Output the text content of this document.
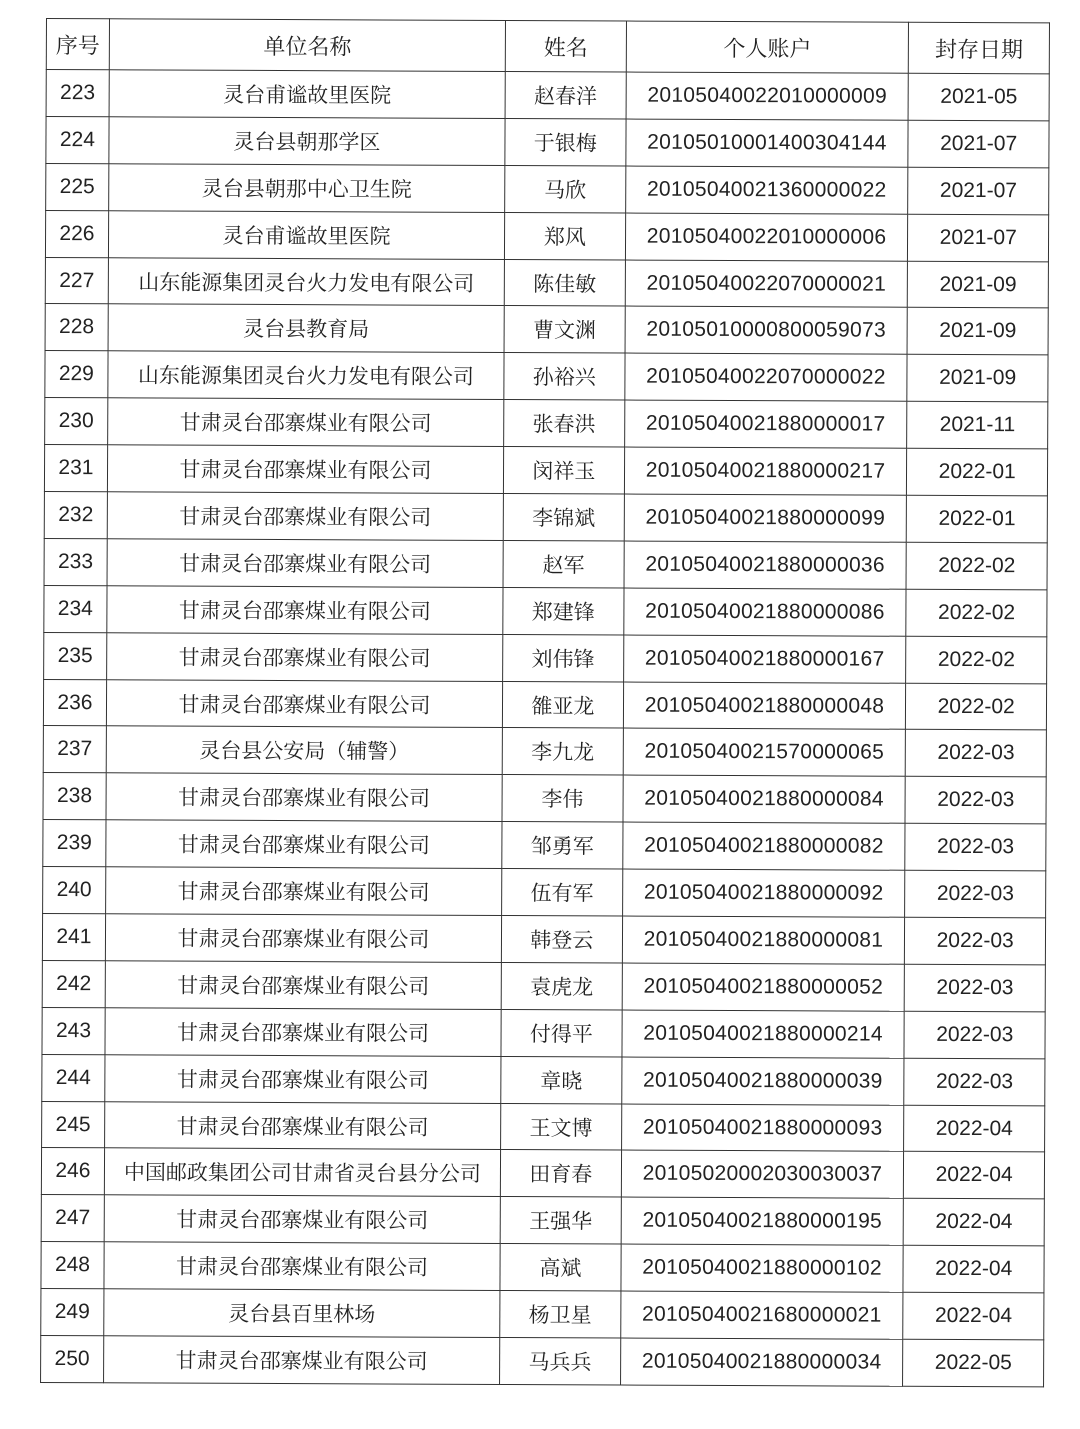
序号	单位名称	姓名	个人账户	封存日期
223	灵台甫谧故里医院	赵春洋	2010504002201000000​9	2021-05
224	灵台县朝那学区	于银梅	20105010001400304144	2021-07
225	灵台县朝那中心卫生院	马欣	20105040021360000022	2021-07
226	灵台甫谧故里医院	郑风	20105040022010000006	2021-07
227	山东能源集团灵台火力发电有限公司	陈佳敏	20105040022070000021	2021-09
228	灵台县教育局	曹文渊	20105010000800059073	2021-09
229	山东能源集团灵台火力发电有限公司	孙裕兴	20105040022070000022	2021-09
230	甘肃灵台邵寨煤业有限公司	张春洪	20105040021880000017	2021-11
231	甘肃灵台邵寨煤业有限公司	闵祥玉	20105040021880000217	2022-01
232	甘肃灵台邵寨煤业有限公司	李锦斌	20105040021880000099	2022-01
233	甘肃灵台邵寨煤业有限公司	赵军	20105040021880000036	2022-02
234	甘肃灵台邵寨煤业有限公司	郑建锋	20105040021880000086	2022-02
235	甘肃灵台邵寨煤业有限公司	刘伟锋	20105040021880000167	2022-02
236	甘肃灵台邵寨煤业有限公司	雒亚龙	20105040021880000048	2022-02
237	灵台县公安局（辅警）	李九龙	20105040021570000065	2022-03
238	甘肃灵台邵寨煤业有限公司	李伟	20105040021880000084	2022-03
239	甘肃灵台邵寨煤业有限公司	邹勇军	20105040021880000082	2022-03
240	甘肃灵台邵寨煤业有限公司	伍有军	20105040021880000092	2022-03
241	甘肃灵台邵寨煤业有限公司	韩登云	20105040021880000081	2022-03
242	甘肃灵台邵寨煤业有限公司	袁虎龙	20105040021880000052	2022-03
243	甘肃灵台邵寨煤业有限公司	付得平	20105040021880000214	2022-03
244	甘肃灵台邵寨煤业有限公司	章晓	20105040021880000039	2022-03
245	甘肃灵台邵寨煤业有限公司	王文博	20105040021880000093	2022-04
246	中国邮政集团公司甘肃省灵台县分公司	田育春	20105020002030030037	2022-04
247	甘肃灵台邵寨煤业有限公司	王强华	20105040021880000195	2022-04
248	甘肃灵台邵寨煤业有限公司	高斌	20105040021880000102	2022-04
249	灵台县百里林场	杨卫星	20105040021680000021	2022-04
250	甘肃灵台邵寨煤业有限公司	马兵兵	20105040021880000034	2022-05
